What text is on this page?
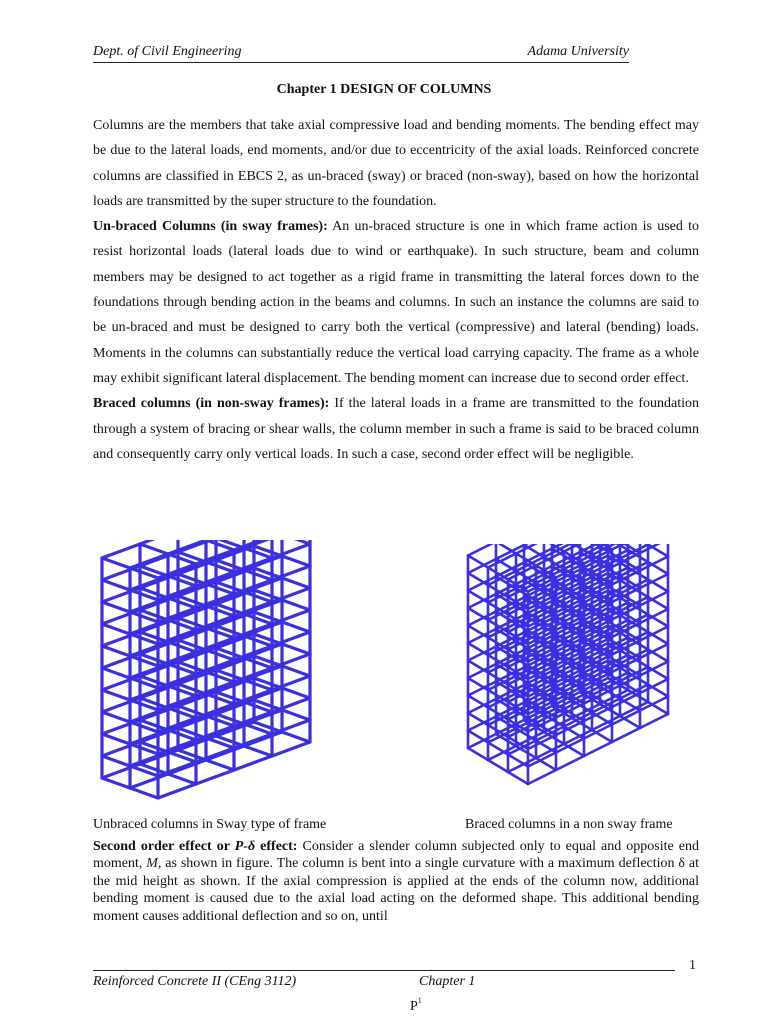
Dept. of Civil Engineering	Adama University
Chapter 1 DESIGN OF COLUMNS

Columns are the members that take axial compressive load and bending moments. The bending effect may be due to the lateral loads, end moments, and/or due to eccentricity of the axial loads. Reinforced concrete columns are classified in EBCS 2, as un-braced (sway) or braced (non-sway), based on how the horizontal loads are transmitted by the super structure to the foundation.

Un-braced Columns (in sway frames): An un-braced structure is one in which frame action is used to resist horizontal loads (lateral loads due to wind or earthquake). In such structure, beam and column members may be designed to act together as a rigid frame in transmitting the lateral forces down to the foundations through bending action in the beams and columns. In such an instance the columns are said to be un-braced and must be designed to carry both the vertical (compressive) and lateral (bending) loads. Moments in the columns can substantially reduce the vertical load carrying capacity. The frame as a whole may exhibit significant lateral displacement. The bending moment can increase due to second order effect.

Braced columns (in non-sway frames): If the lateral loads in a frame are transmitted to the foundation through a system of bracing or shear walls, the column member in such a frame is said to be braced column and consequently carry only vertical loads. In such a case, second order effect will be negligible.

Unbraced columns in Sway type of frame	Braced columns in a non sway frame

Second order effect or P-δ effect: Consider a slender column subjected only to equal and opposite end moment, M, as shown in figure. The column is bent into a single curvature with a maximum deflection δ at the mid height as shown. If the axial compression is applied at the ends of the column now, additional bending moment is caused due to the axial load acting on the deformed shape. This additional bending moment causes additional deflection and so on, until

1
Reinforced Concrete II (CEng 3112)	Chapter 1
$P^1$
